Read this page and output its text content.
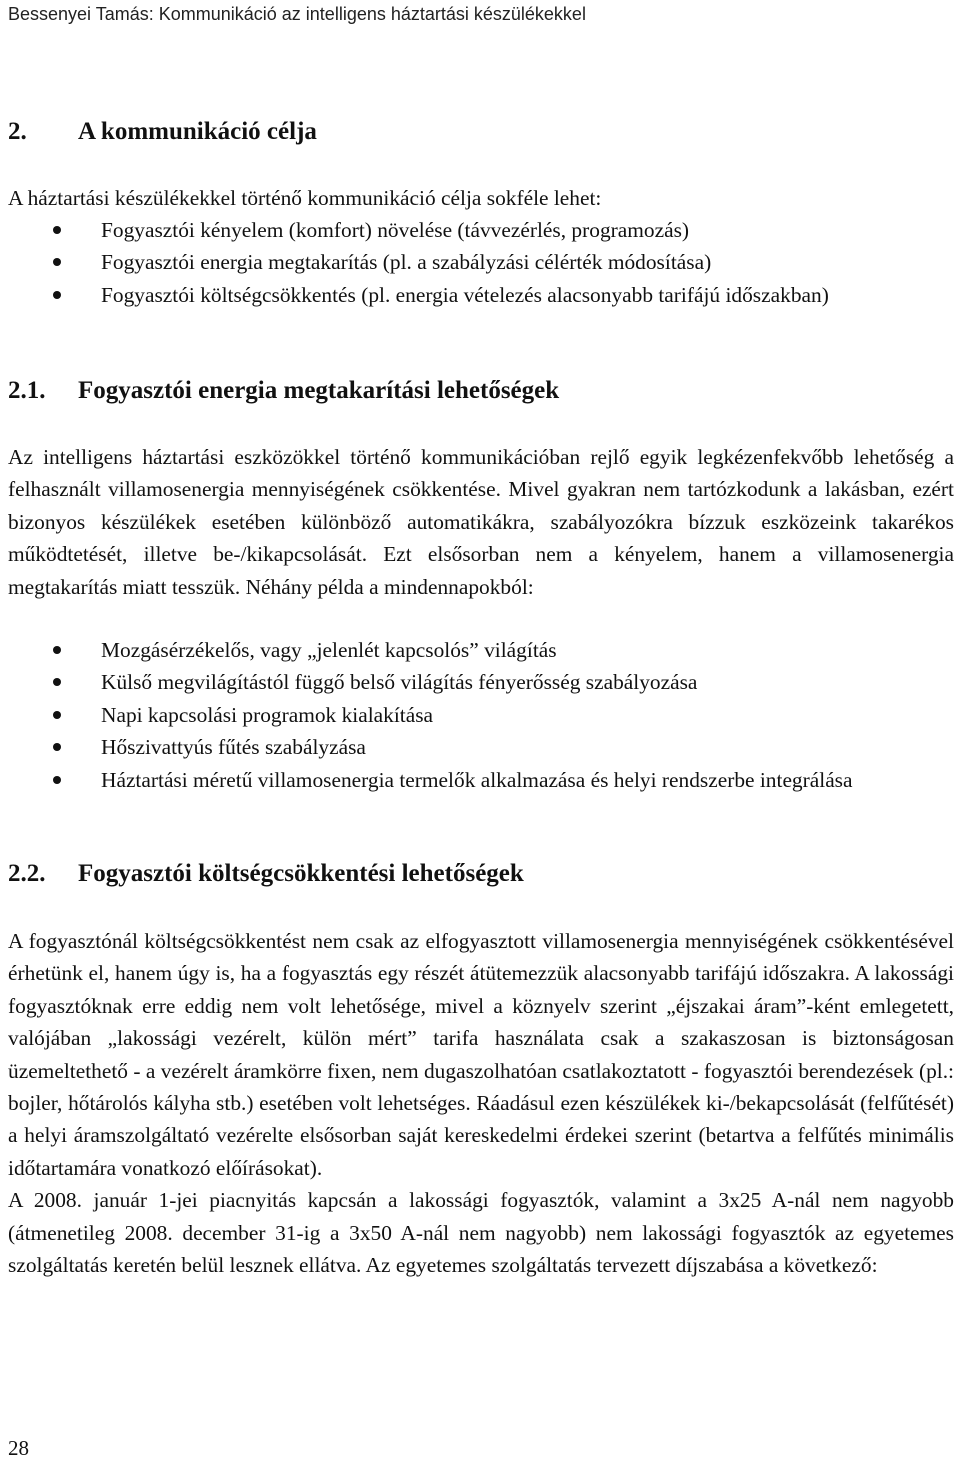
Bessenyei Tamás: Kommunikáció az intelligens háztartási készülékekkel
2. A kommunikáció célja

A háztartási készülékekkel történő kommunikáció célja sokféle lehet:

Fogyasztói kényelem (komfort) növelése (távvezérlés, programozás)
Fogyasztói energia megtakarítás (pl. a szabályzási célérték módosítása)
Fogyasztói költségcsökkentés (pl. energia vételezés alacsonyabb tarifájú időszakban)
2.1. Fogyasztói energia megtakarítási lehetőségek

Az intelligens háztartási eszközökkel történő kommunikációban rejlő egyik legkézenfekvőbb lehetőség a felhasznált villamosenergia mennyiségének csökkentése. Mivel gyakran nem tartózkodunk a lakásban, ezért bizonyos készülékek esetében különböző automatikákra, szabályozókra bízzuk eszközeink takarékos működtetését, illetve be-/kikapcsolását. Ezt elsősorban nem a kényelem, hanem a villamosenergia megtakarítás miatt tesszük. Néhány példa a mindennapokból:

Mozgásérzékelős, vagy „jelenlét kapcsolós” világítás
Külső megvilágítástól függő belső világítás fényerősség szabályozása
Napi kapcsolási programok kialakítása
Hőszivattyús fűtés szabályzása
Háztartási méretű villamosenergia termelők alkalmazása és helyi rendszerbe integrálása
2.2. Fogyasztói költségcsökkentési lehetőségek

A fogyasztónál költségcsökkentést nem csak az elfogyasztott villamosenergia mennyiségének csökkentésével érhetünk el, hanem úgy is, ha a fogyasztás egy részét átütemezzük alacsonyabb tarifájú időszakra. A lakossági fogyasztóknak erre eddig nem volt lehetősége, mivel a köznyelv szerint „éjszakai áram”-ként emlegetett, valójában „lakossági vezérelt, külön mért” tarifa használata csak a szakaszosan is biztonságosan üzemeltethető - a vezérelt áramkörre fixen, nem dugaszolhatóan csatlakoztatott - fogyasztói berendezések (pl.: bojler, hőtárolós kályha stb.) esetében volt lehetséges. Ráadásul ezen készülékek ki-/bekapcsolását (felfűtését) a helyi áramszolgáltató vezérelte elsősorban saját kereskedelmi érdekei szerint (betartva a felfűtés minimális időtartamára vonatkozó előírásokat).

A 2008. január 1-jei piacnyitás kapcsán a lakossági fogyasztók, valamint a 3x25 A-nál nem nagyobb (átmenetileg 2008. december 31-ig a 3x50 A-nál nem nagyobb) nem lakossági fogyasztók az egyetemes szolgáltatás keretén belül lesznek ellátva. Az egyetemes szolgáltatás tervezett díjszabása a következő:

28
